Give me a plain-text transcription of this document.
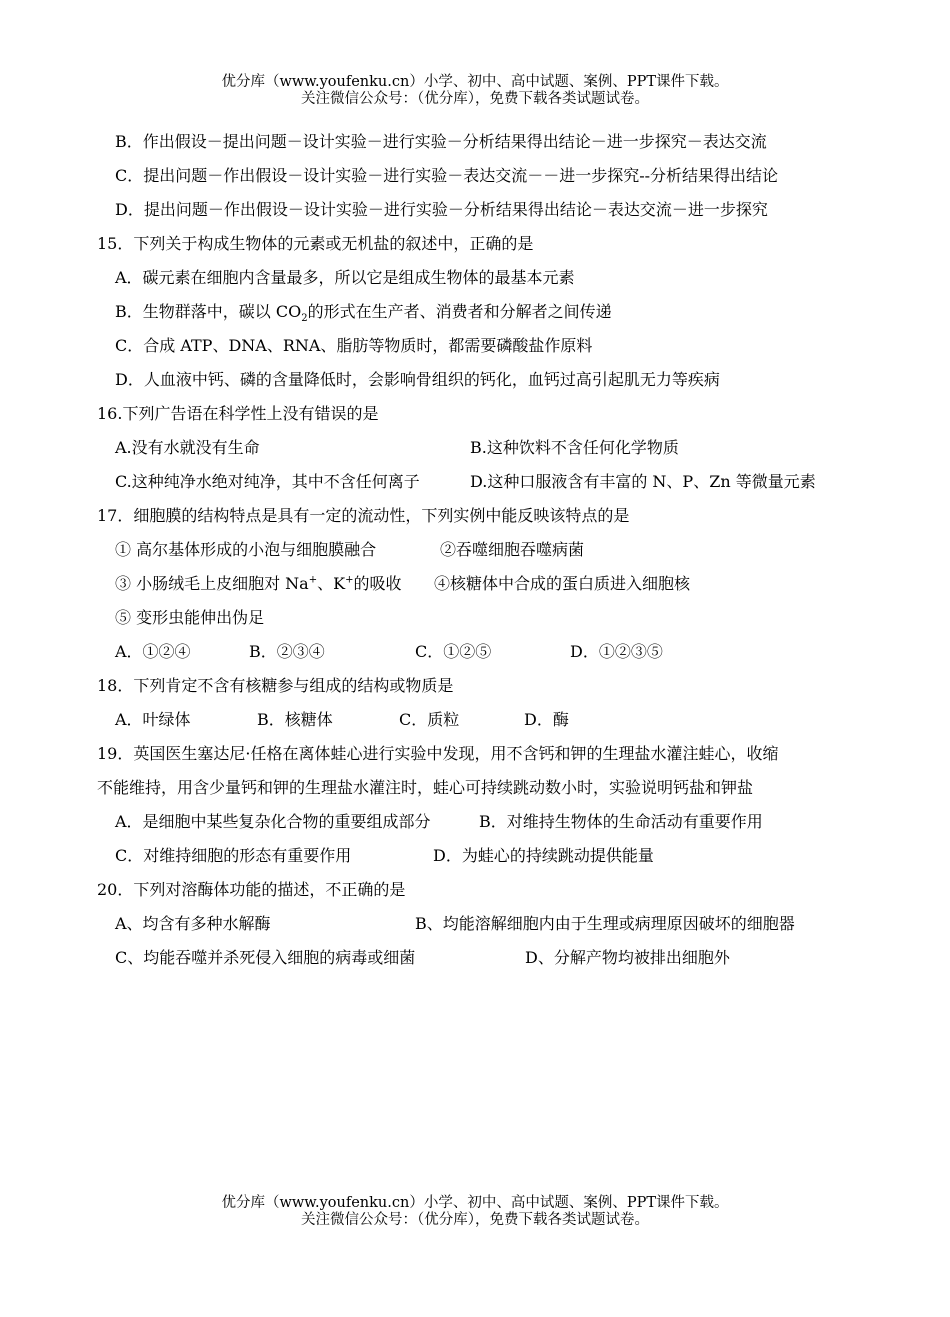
优分库（www.youfenku.cn）小学、初中、高中试题、案例、PPT课件下载。
关注微信公众号：（优分库），免费下载各类试题试卷。
B．作出假设－提出问题－设计实验－进行实验－分析结果得出结论－进一步探究－表达交流
C．提出问题－作出假设－设计实验－进行实验－表达交流－－进一步探究--分析结果得出结论
D．提出问题－作出假设－设计实验－进行实验－分析结果得出结论－表达交流－进一步探究
15．下列关于构成生物体的元素或无机盐的叙述中，正确的是
A．碳元素在细胞内含量最多，所以它是组成生物体的最基本元素
B．生物群落中，碳以 $CO_2$的形式在生产者、消费者和分解者之间传递
C．合成 ATP、DNA、RNA、脂肪等物质时，都需要磷酸盐作原料
D．人血液中钙、磷的含量降低时，会影响骨组织的钙化，血钙过高引起肌无力等疾病
16.下列广告语在科学性上没有错误的是
A.没有水就没有生命	B.这种饮料不含任何化学物质
C.这种纯净水绝对纯净，其中不含任何离子	D.这种口服液含有丰富的 N、P、Zn 等微量元素
17．细胞膜的结构特点是具有一定的流动性，下列实例中能反映该特点的是
① 高尔基体形成的小泡与细胞膜融合	②吞噬细胞吞噬病菌
③ 小肠绒毛上皮细胞对 Na+、K+的吸收 ④核糖体中合成的蛋白质进入细胞核
⑤ 变形虫能伸出伪足
A．①②④	B．②③④	C．①②⑤	D．①②③⑤
18．下列肯定不含有核糖参与组成的结构或物质是
A．叶绿体	B．核糖体	C．质粒	D．酶
19．英国医生塞达尼·任格在离体蛙心进行实验中发现，用不含钙和钾的生理盐水灌注蛙心，收缩
不能维持，用含少量钙和钾的生理盐水灌注时，蛙心可持续跳动数小时，实验说明钙盐和钾盐
A．是细胞中某些复杂化合物的重要组成部分	B．对维持生物体的生命活动有重要作用
C．对维持细胞的形态有重要作用	D．为蛙心的持续跳动提供能量
20．下列对溶酶体功能的描述，不正确的是
A、均含有多种水解酶	B、均能溶解细胞内由于生理或病理原因破坏的细胞器
C、均能吞噬并杀死侵入细胞的病毒或细菌	D、分解产物均被排出细胞外
优分库（www.youfenku.cn）小学、初中、高中试题、案例、PPT课件下载。
关注微信公众号：（优分库），免费下载各类试题试卷。
